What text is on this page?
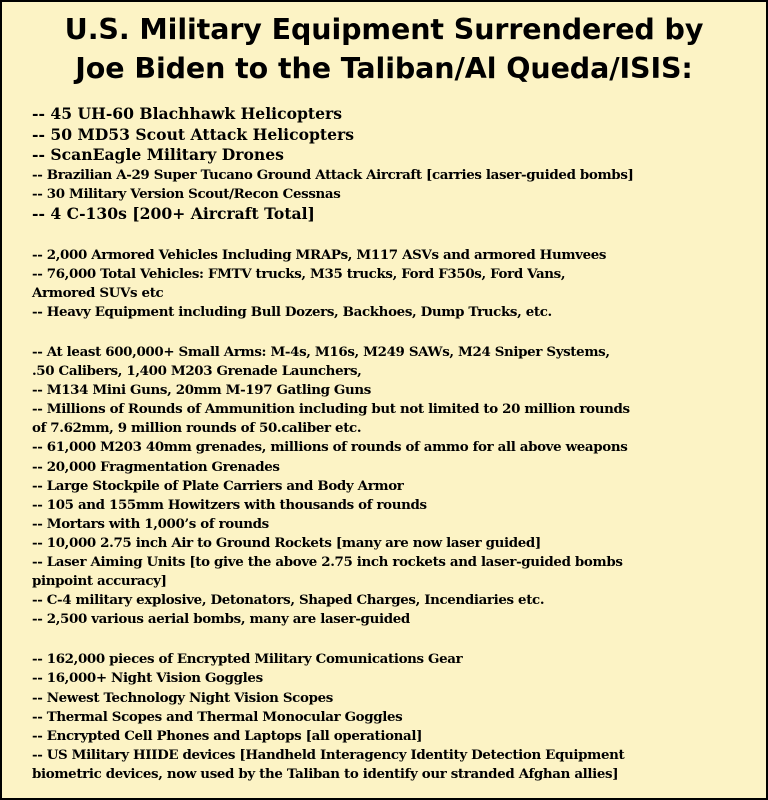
U.S. Military Equipment Surrendered by
Joe Biden to the Taliban/Al Queda/ISIS:
-- 45 UH-60 Blachhawk Helicopters
-- 50 MD53 Scout Attack Helicopters
-- ScanEagle Military Drones
-- Brazilian A-29 Super Tucano Ground Attack Aircraft [carries laser-guided bombs]
-- 30 Military Version Scout/Recon Cessnas
-- 4 C-130s [200+ Aircraft Total]
-- 2,000 Armored Vehicles Including MRAPs, M117 ASVs and armored Humvees
-- 76,000 Total Vehicles: FMTV trucks, M35 trucks, Ford F350s, Ford Vans,
Armored SUVs etc
-- Heavy Equipment including Bull Dozers, Backhoes, Dump Trucks, etc.
-- At least 600,000+ Small Arms: M-4s, M16s, M249 SAWs, M24 Sniper Systems,
.50 Calibers, 1,400 M203 Grenade Launchers,
-- M134 Mini Guns, 20mm M-197 Gatling Guns
-- Millions of Rounds of Ammunition including but not limited to 20 million rounds
of 7.62mm, 9 million rounds of 50.caliber etc.
-- 61,000 M203 40mm grenades, millions of rounds of ammo for all above weapons
-- 20,000 Fragmentation Grenades
-- Large Stockpile of Plate Carriers and Body Armor
-- 105 and 155mm Howitzers with thousands of rounds
-- Mortars with 1,000’s of rounds
-- 10,000 2.75 inch Air to Ground Rockets [many are now laser guided]
-- Laser Aiming Units [to give the above 2.75 inch rockets and laser-guided bombs
pinpoint accuracy]
-- C-4 military explosive, Detonators, Shaped Charges, Incendiaries etc.
-- 2,500 various aerial bombs, many are laser-guided
-- 162,000 pieces of Encrypted Military Comunications Gear
-- 16,000+ Night Vision Goggles
-- Newest Technology Night Vision Scopes
-- Thermal Scopes and Thermal Monocular Goggles
-- Encrypted Cell Phones and Laptops [all operational]
-- US Military HIIDE devices [Handheld Interagency Identity Detection Equipment
biometric devices, now used by the Taliban to identify our stranded Afghan allies]
